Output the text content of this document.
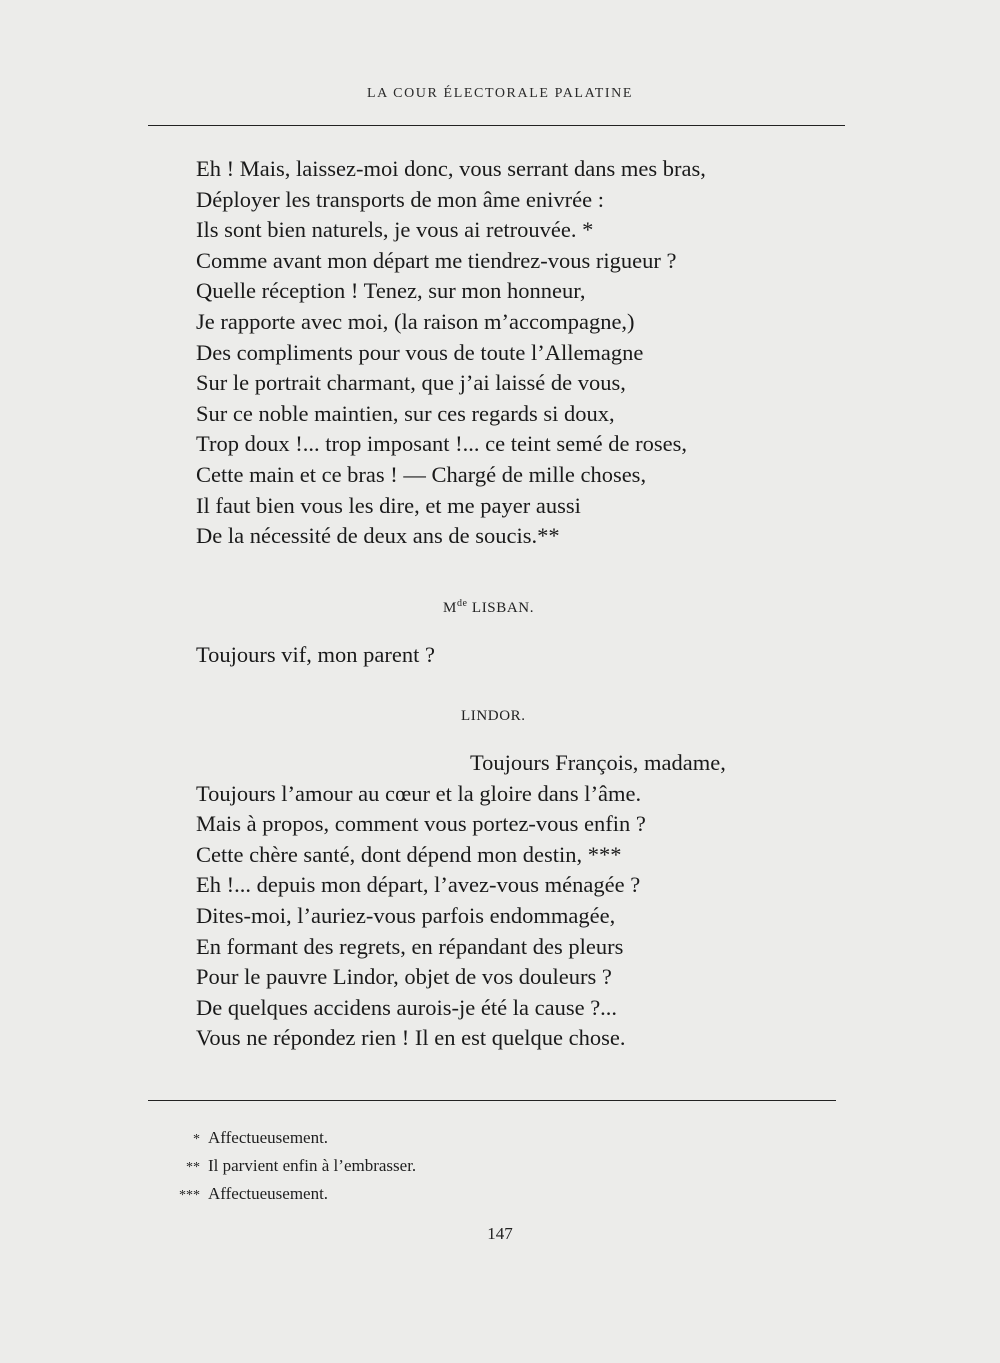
LA COUR ÉLECTORALE PALATINE
Eh ! Mais, laissez-moi donc, vous serrant dans mes bras,
Déployer les transports de mon âme enivrée :
Ils sont bien naturels, je vous ai retrouvée. *
Comme avant mon départ me tiendrez-vous rigueur ?
Quelle réception ! Tenez, sur mon honneur,
Je rapporte avec moi, (la raison m’accompagne,)
Des compliments pour vous de toute l’Allemagne
Sur le portrait charmant, que j’ai laissé de vous,
Sur ce noble maintien, sur ces regards si doux,
Trop doux !... trop imposant !... ce teint semé de roses,
Cette main et ce bras ! — Chargé de mille choses,
Il faut bien vous les dire, et me payer aussi
De la nécessité de deux ans de soucis.**
Mde LISBAN.
Toujours vif, mon parent ?
LINDOR.
Toujours François, madame,
Toujours l’amour au cœur et la gloire dans l’âme.
Mais à propos, comment vous portez-vous enfin ?
Cette chère santé, dont dépend mon destin, ***
Eh !... depuis mon départ, l’avez-vous ménagée ?
Dites-moi, l’auriez-vous parfois endommagée,
En formant des regrets, en répandant des pleurs
Pour le pauvre Lindor, objet de vos douleurs ?
De quelques accidens aurois-je été la cause ?...
Vous ne répondez rien ! Il en est quelque chose.
* Affectueusement.
** Il parvient enfin à l’embrasser.
*** Affectueusement.
147
